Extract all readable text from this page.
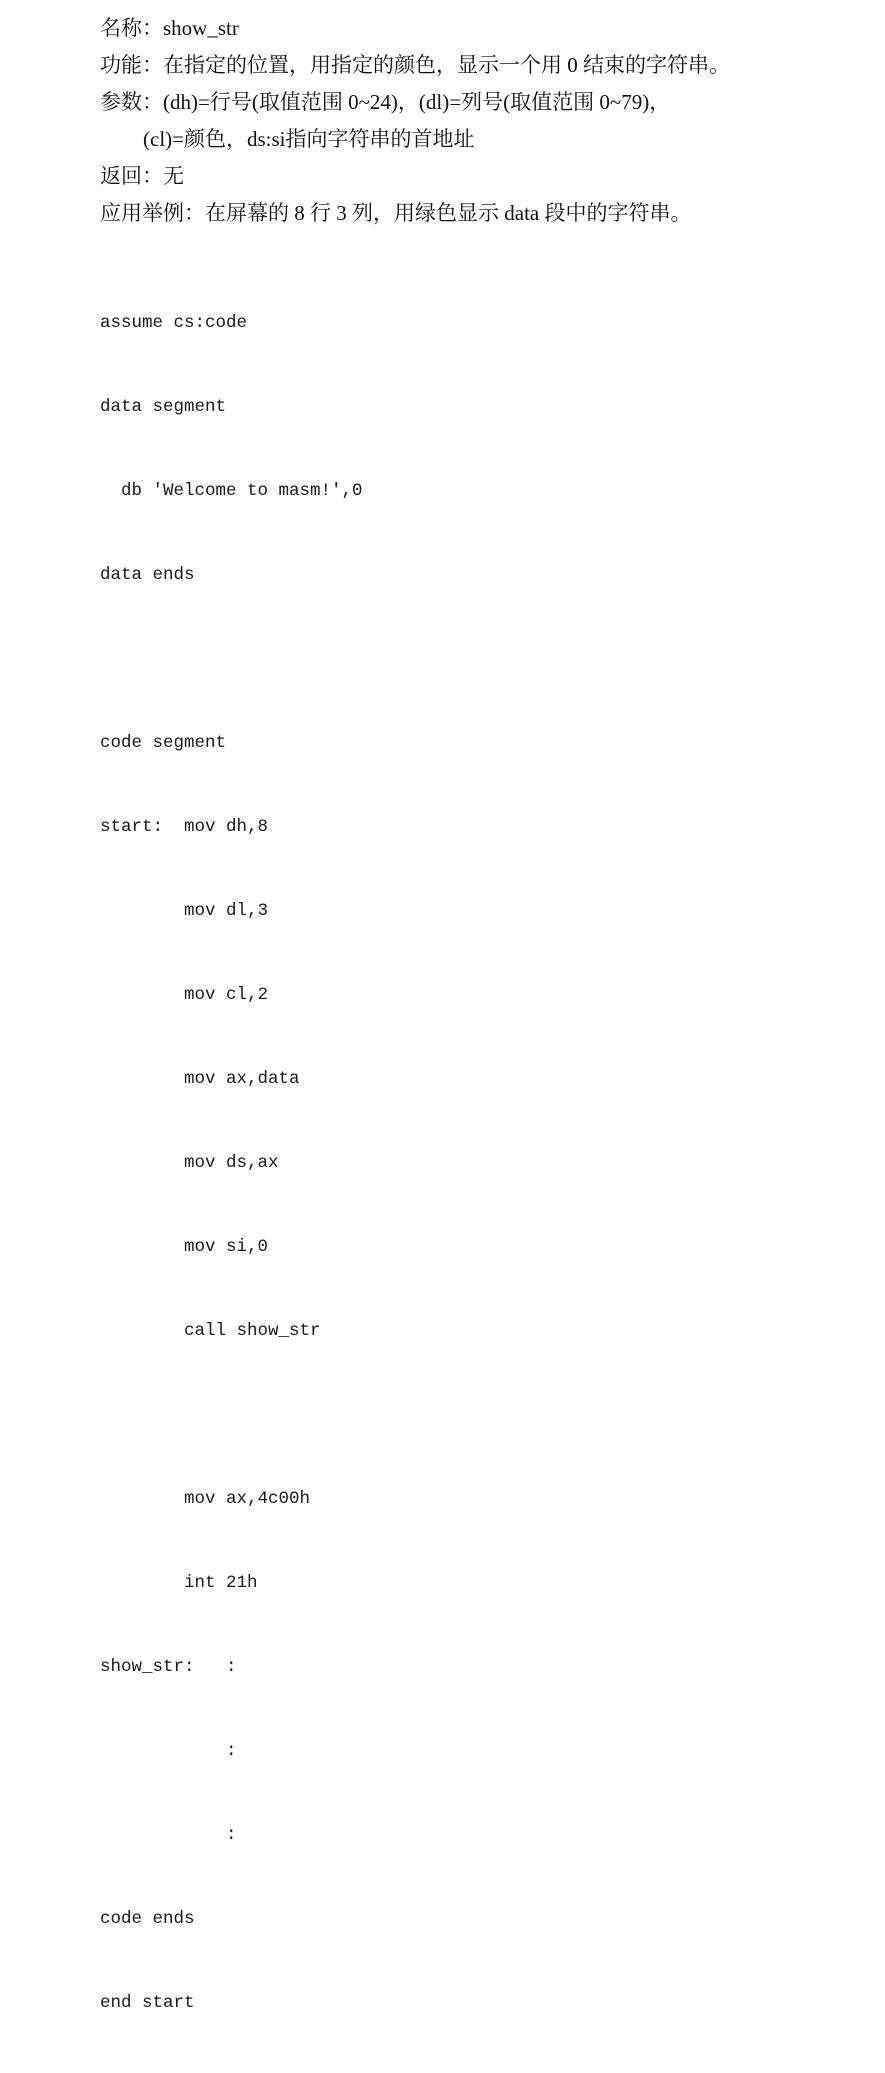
名称：show_str
功能：在指定的位置，用指定的颜色，显示一个用 0 结束的字符串。
参数：(dh)=行号(取值范围 0~24)，(dl)=列号(取值范围 0~79)，
(cl)=颜色，ds:si指向字符串的首地址
返回：无
应用举例：在屏幕的 8 行 3 列，用绿色显示 data 段中的字符串。

assume cs:code

data segment

db 'Welcome to masm!',0

data ends

code segment

start:  mov dh,8

mov dl,3

mov cl,2

mov ax,data

mov ds,ax

mov si,0

call show_str

mov ax,4c00h

int 21h

show_str:   :

:

:

code ends

end start
